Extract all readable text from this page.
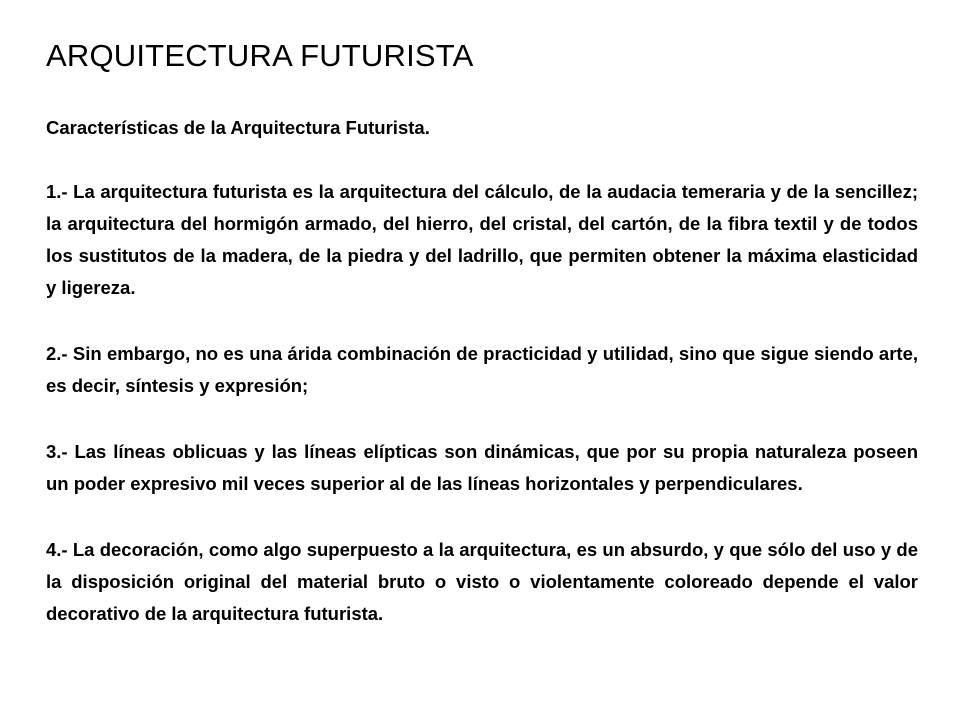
ARQUITECTURA FUTURISTA

Características de la Arquitectura Futurista.

1.- La arquitectura futurista es la arquitectura del cálculo, de la audacia temeraria y de la sencillez; la arquitectura del hormigón armado, del hierro, del cristal, del cartón, de la fibra textil y de todos los sustitutos de la madera, de la piedra y del ladrillo, que permiten obtener la máxima elasticidad y ligereza.

2.- Sin embargo, no es una árida combinación de practicidad y utilidad, sino que sigue siendo arte, es decir, síntesis y expresión;

3.- Las líneas oblicuas y las líneas elípticas son dinámicas, que por su propia naturaleza poseen un poder expresivo mil veces superior al de las líneas horizontales y perpendiculares.

4.- La decoración, como algo superpuesto a la arquitectura, es un absurdo, y que sólo del uso y de la disposición original del material bruto o visto o violentamente coloreado depende el valor decorativo de la arquitectura futurista.
